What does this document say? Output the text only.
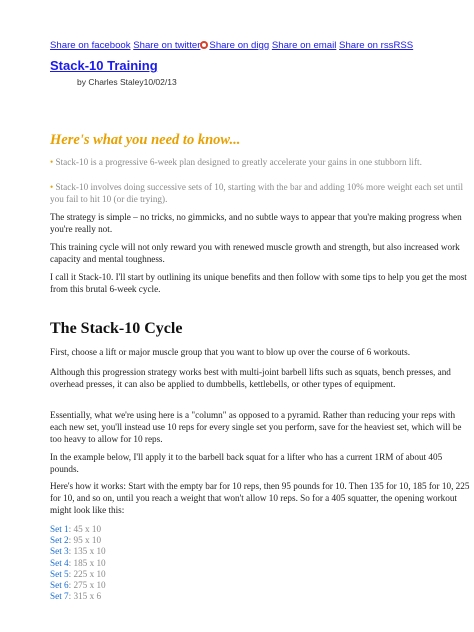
Share on facebook Share on twitter Share on digg Share on email Share on rssRSS
Stack-10 Training
by Charles Staley10/02/13
Here's what you need to know...
• Stack-10 is a progressive 6-week plan designed to greatly accelerate your gains in one stubborn lift.
• Stack-10 involves doing successive sets of 10, starting with the bar and adding 10% more weight each set until you fail to hit 10 (or die trying).

The strategy is simple – no tricks, no gimmicks, and no subtle ways to appear that you're making progress when you're really not.

This training cycle will not only reward you with renewed muscle growth and strength, but also increased work capacity and mental toughness.

I call it Stack-10. I'll start by outlining its unique benefits and then follow with some tips to help you get the most from this brutal 6-week cycle.

The Stack-10 Cycle

First, choose a lift or major muscle group that you want to blow up over the course of 6 workouts.

Although this progression strategy works best with multi-joint barbell lifts such as squats, bench presses, and overhead presses, it can also be applied to dumbbells, kettlebells, or other types of equipment.

Essentially, what we're using here is a "column" as opposed to a pyramid. Rather than reducing your reps with each new set, you'll instead use 10 reps for every single set you perform, save for the heaviest set, which will be too heavy to allow for 10 reps.

In the example below, I'll apply it to the barbell back squat for a lifter who has a current 1RM of about 405 pounds.

Here's how it works: Start with the empty bar for 10 reps, then 95 pounds for 10. Then 135 for 10, 185 for 10, 225 for 10, and so on, until you reach a weight that won't allow 10 reps. So for a 405 squatter, the opening workout might look like this:

Set 1: 45 x 10
Set 2: 95 x 10
Set 3: 135 x 10
Set 4: 185 x 10
Set 5: 225 x 10
Set 6: 275 x 10
Set 7: 315 x 6
